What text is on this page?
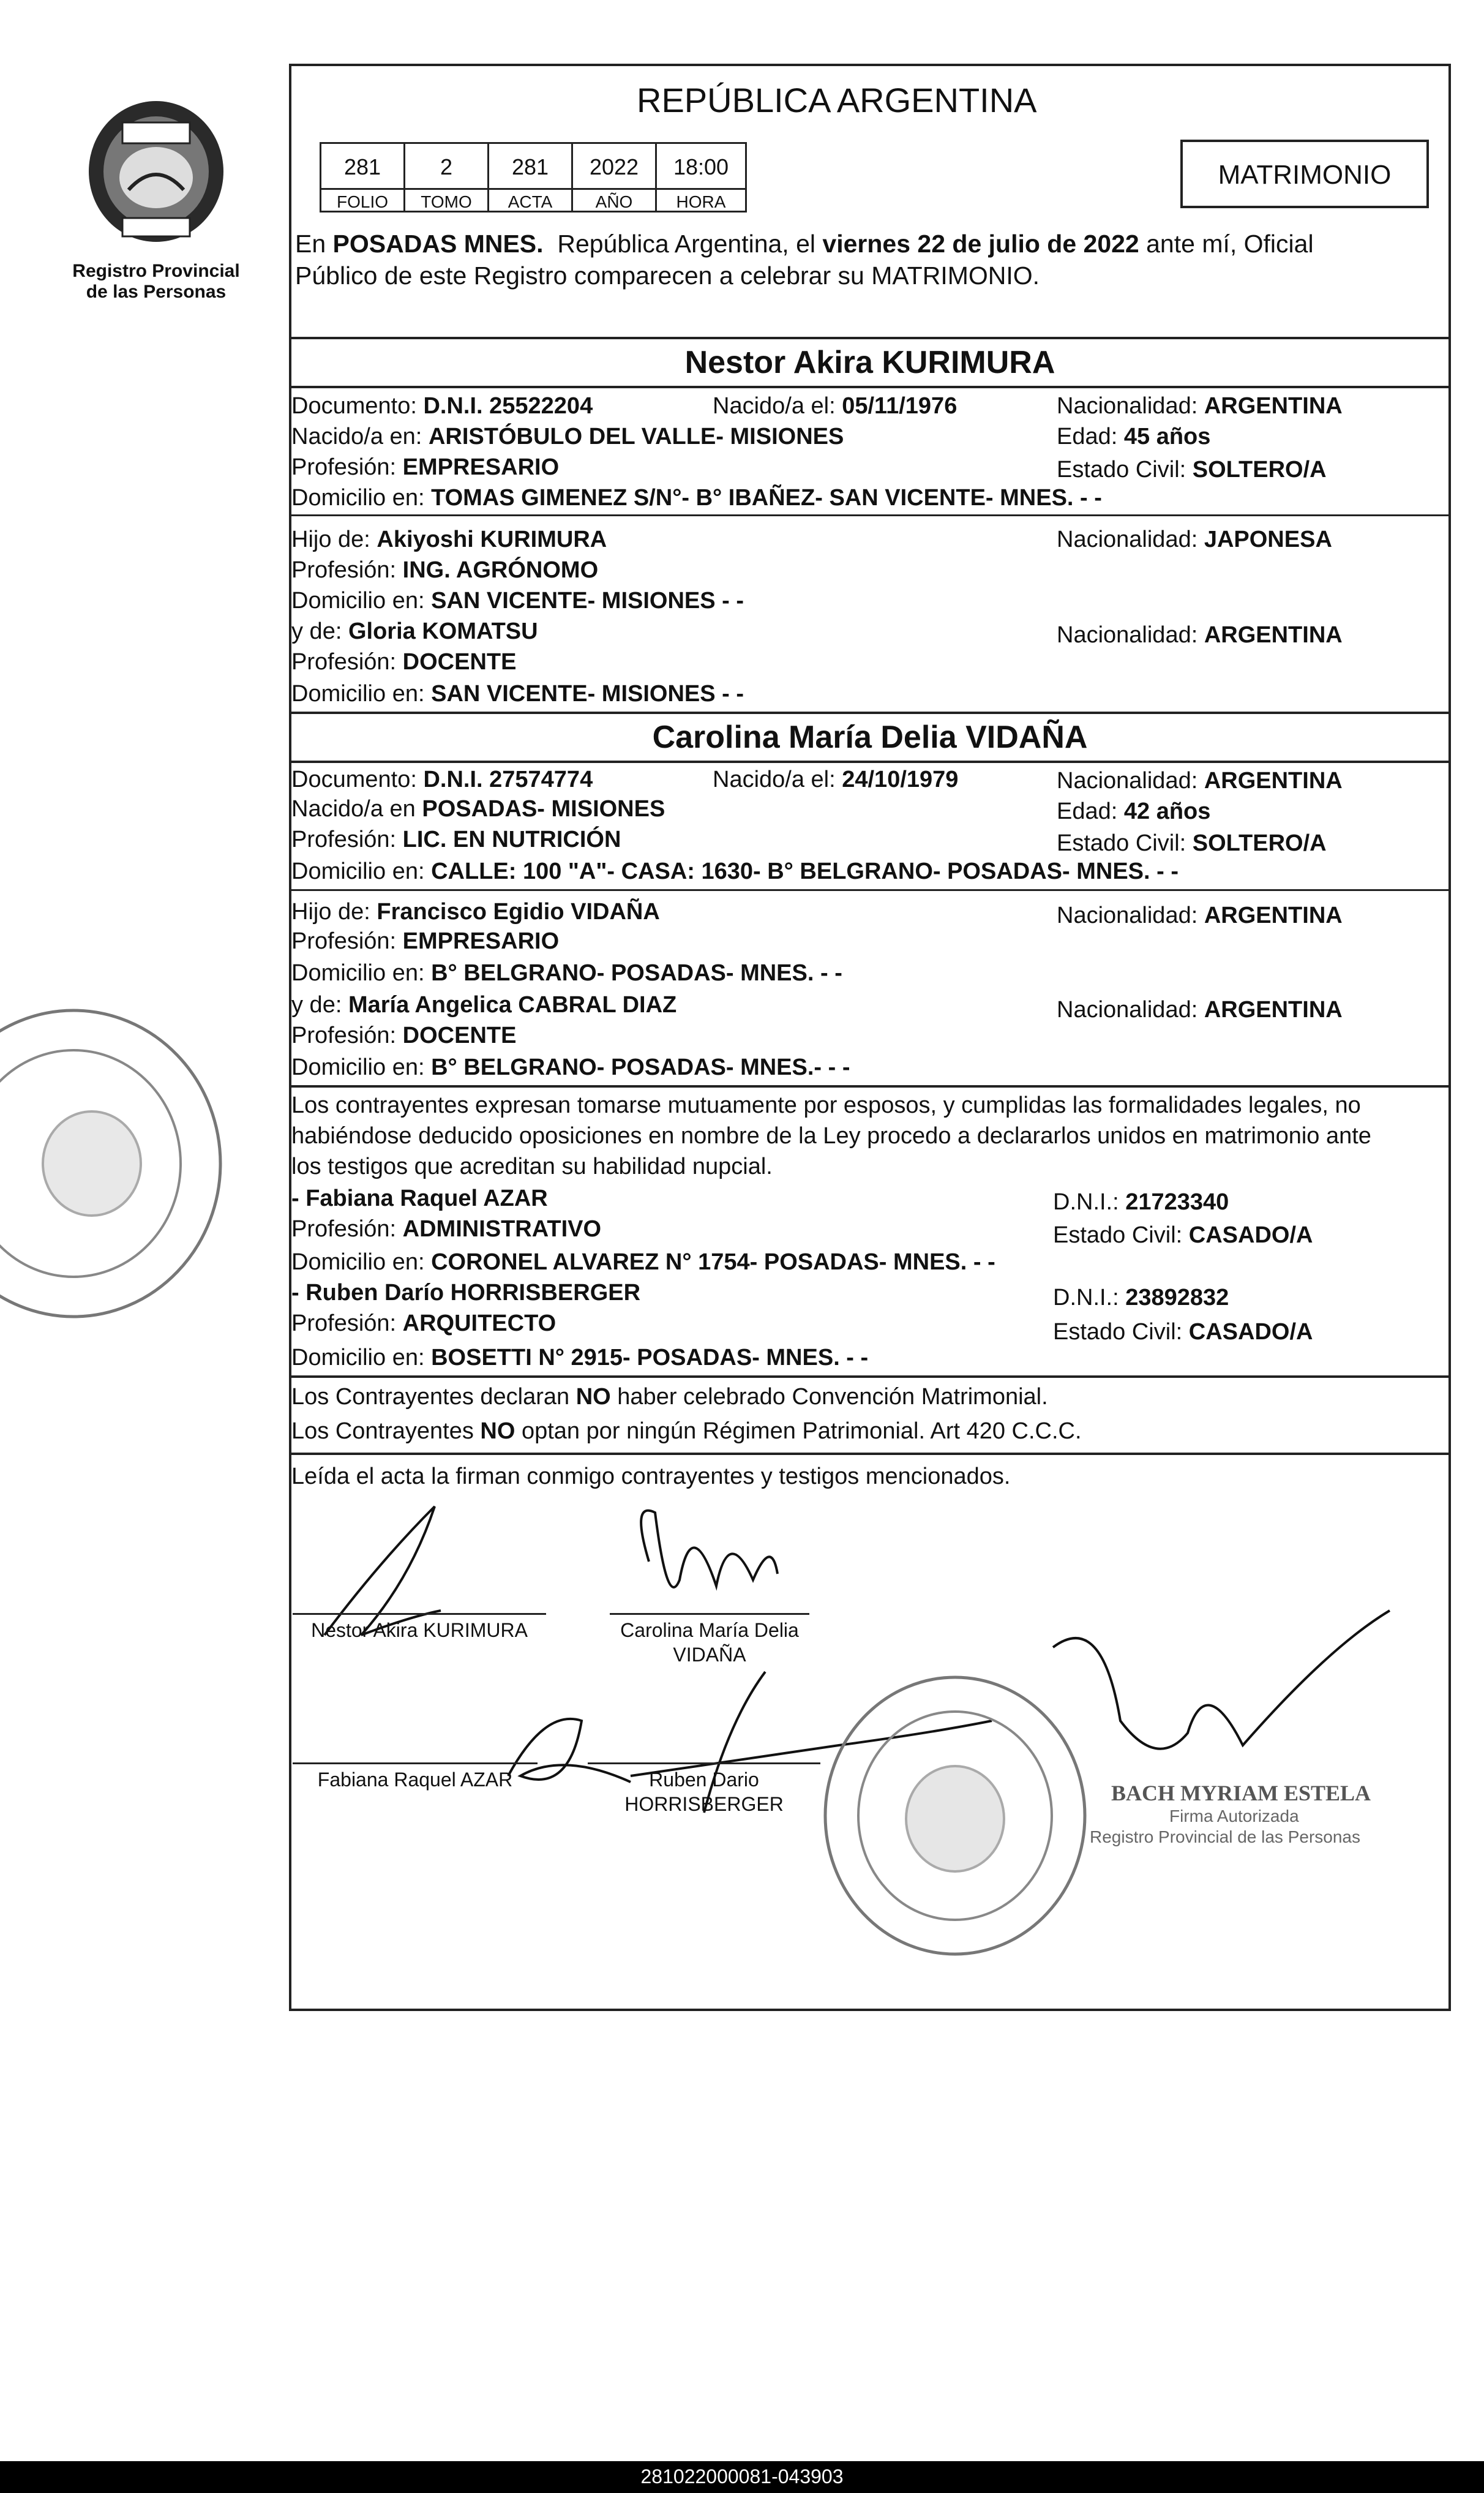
Registro Provincial
de las Personas
REPÚBLICA ARGENTINA
281	2	281	2022	18:00
FOLIO	TOMO	ACTA	AÑO	HORA
MATRIMONIO
En POSADAS MNES.  República Argentina, el viernes 22 de julio de 2022 ante mí, Oficial
Público de este Registro comparecen a celebrar su MATRIMONIO.
Nestor Akira KURIMURA
Documento: D.N.I. 25522204	Nacido/a el: 05/11/1976	Nacionalidad: ARGENTINA
Nacido/a en: ARISTÓBULO DEL VALLE- MISIONES	Edad: 45 años
Profesión: EMPRESARIO	Estado Civil: SOLTERO/A
Domicilio en: TOMAS GIMENEZ S/N°- B° IBAÑEZ- SAN VICENTE- MNES. - -
Hijo de: Akiyoshi KURIMURA	Nacionalidad: JAPONESA
Profesión: ING. AGRÓNOMO
Domicilio en: SAN VICENTE- MISIONES - -
y de: Gloria KOMATSU	Nacionalidad: ARGENTINA
Profesión: DOCENTE
Domicilio en: SAN VICENTE- MISIONES - -
Carolina María Delia VIDAÑA
Documento: D.N.I. 27574774	Nacido/a el: 24/10/1979	Nacionalidad: ARGENTINA
Nacido/a en POSADAS- MISIONES	Edad: 42 años
Profesión: LIC. EN NUTRICIÓN	Estado Civil: SOLTERO/A
Domicilio en: CALLE: 100 "A"- CASA: 1630- B° BELGRANO- POSADAS- MNES. - -
Hijo de: Francisco Egidio VIDAÑA	Nacionalidad: ARGENTINA
Profesión: EMPRESARIO
Domicilio en: B° BELGRANO- POSADAS- MNES. - -
y de: María Angelica CABRAL DIAZ	Nacionalidad: ARGENTINA
Profesión: DOCENTE
Domicilio en: B° BELGRANO- POSADAS- MNES.- - -
Los contrayentes expresan tomarse mutuamente por esposos, y cumplidas las formalidades legales, no
habiéndose deducido oposiciones en nombre de la Ley procedo a declararlos unidos en matrimonio ante
los testigos que acreditan su habilidad nupcial.
- Fabiana Raquel AZAR	D.N.I.: 21723340
Profesión: ADMINISTRATIVO	Estado Civil: CASADO/A
Domicilio en: CORONEL ALVAREZ N° 1754- POSADAS- MNES. - -
- Ruben Darío HORRISBERGER	D.N.I.: 23892832
Profesión: ARQUITECTO	Estado Civil: CASADO/A
Domicilio en: BOSETTI N° 2915- POSADAS- MNES. - -
Los Contrayentes declaran NO haber celebrado Convención Matrimonial.
Los Contrayentes NO optan por ningún Régimen Patrimonial. Art 420 C.C.C.
Leída el acta la firman conmigo contrayentes y testigos mencionados.
Nestor Akira KURIMURA	Carolina María Delia
VIDAÑA
Fabiana Raquel AZAR	Ruben Dario
HORRISBERGER	BACH MYRIAM ESTELA
Firma Autorizada
Registro Provincial de las Personas
281022000081-043903
